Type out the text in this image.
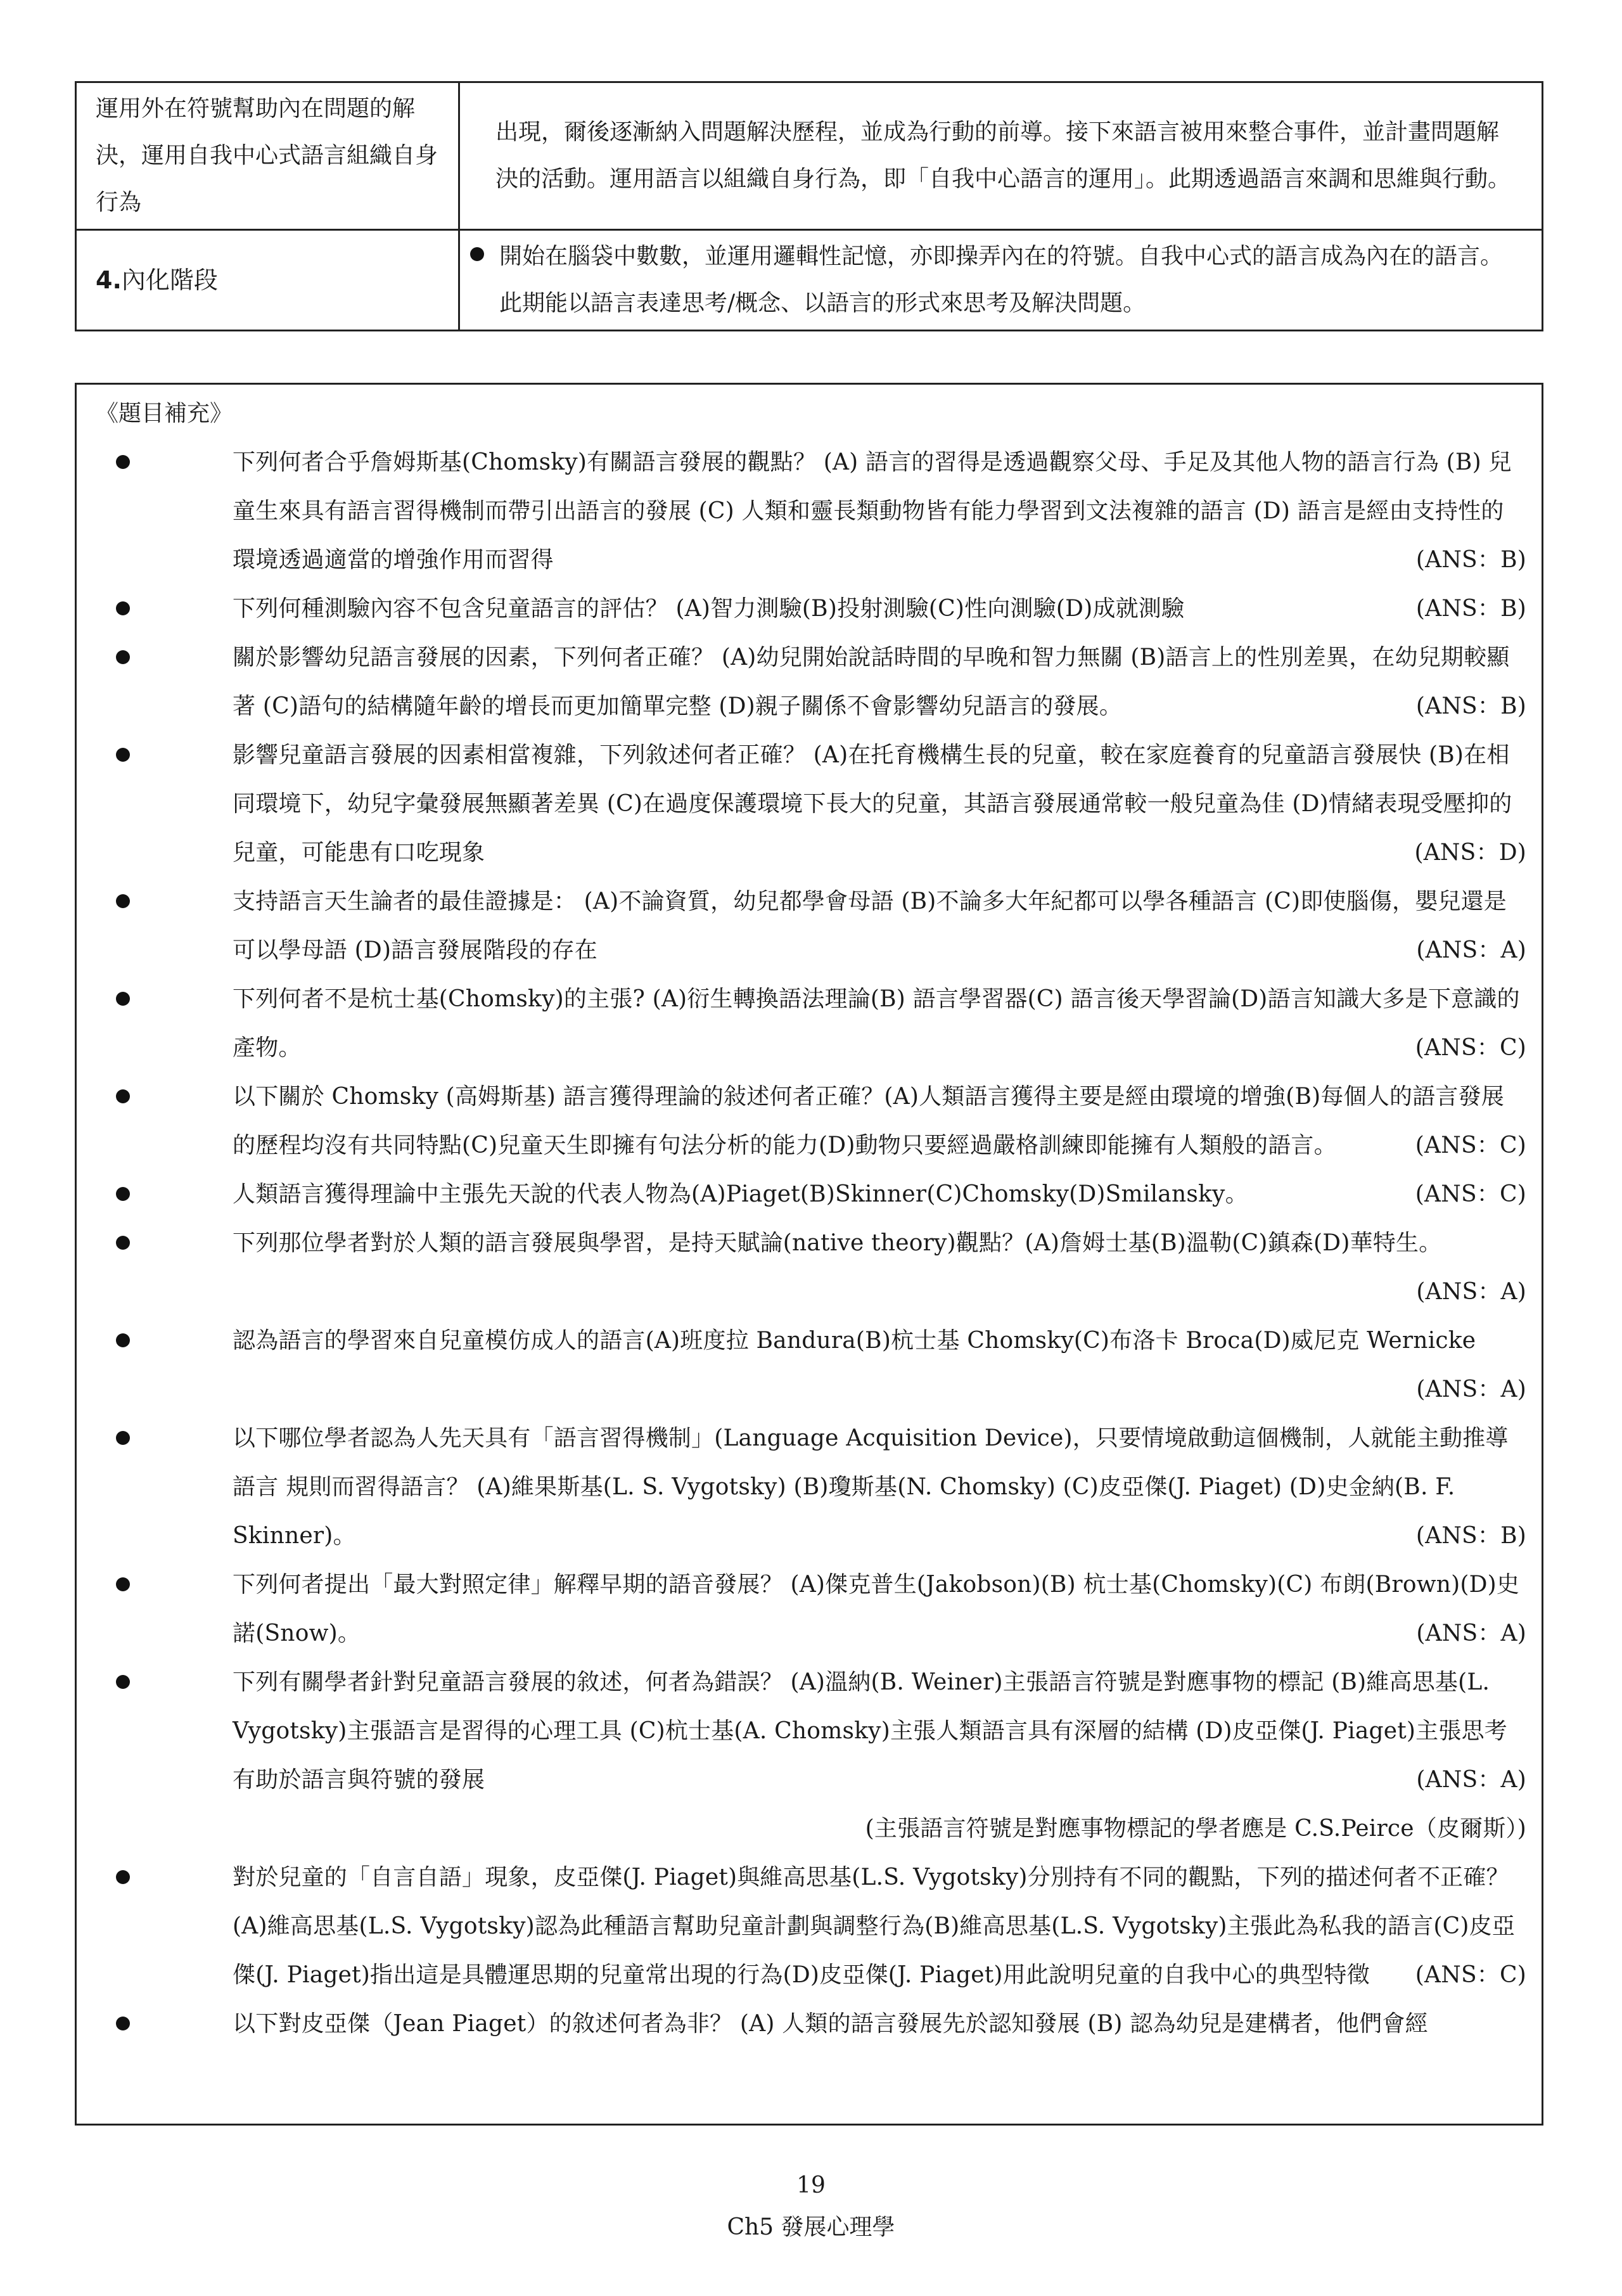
運用外在符號幫助內在問題的解決，運用自我中心式語言組織自身行為	出現，爾後逐漸納入問題解決歷程，並成為行動的前導。接下來語言被用來整合事件，並計畫問題解決的活動。運用語言以組織自身行為，即「自我中心語言的運用」。此期透過語言來調和思維與行動。
4.內化階段	開始在腦袋中數數，並運用邏輯性記憶，亦即操弄內在的符號。自我中心式的語言成為內在的語言。此期能以語言表達思考/概念、以語言的形式來思考及解決問題。
《題目補充》
下列何者合乎詹姆斯基(Chomsky)有關語言發展的觀點？ (A) 語言的習得是透過觀察父母、手足及其他人物的語言行為 (B) 兒童生來具有語言習得機制而帶引出語言的發展 (C) 人類和靈長類動物皆有能力學習到文法複雜的語言 (D) 語言是經由支持性的環境透過適當的增強作用而習得	(ANS：B)
下列何種測驗內容不包含兒童語言的評估？ (A)智力測驗(B)投射測驗(C)性向測驗(D)成就測驗	(ANS：B)
關於影響幼兒語言發展的因素，下列何者正確？ (A)幼兒開始說話時間的早晚和智力無關 (B)語言上的性別差異，在幼兒期較顯著 (C)語句的結構隨年齡的增長而更加簡單完整 (D)親子關係不會影響幼兒語言的發展。	(ANS：B)
影響兒童語言發展的因素相當複雜，下列敘述何者正確？ (A)在托育機構生長的兒童，較在家庭養育的兒童語言發展快 (B)在相同環境下，幼兒字彙發展無顯著差異 (C)在過度保護環境下長大的兒童，其語言發展通常較一般兒童為佳 (D)情緒表現受壓抑的兒童，可能患有口吃現象	(ANS：D)
支持語言天生論者的最佳證據是： (A)不論資質，幼兒都學會母語 (B)不論多大年紀都可以學各種語言 (C)即使腦傷，嬰兒還是可以學母語 (D)語言發展階段的存在	(ANS：A)
下列何者不是杭士基(Chomsky)的主張? (A)衍生轉換語法理論(B) 語言學習器(C) 語言後天學習論(D)語言知識大多是下意識的產物。	(ANS：C)
以下關於 Chomsky (高姆斯基) 語言獲得理論的敍述何者正確？(A)人類語言獲得主要是經由環境的增強(B)每個人的語言發展的歷程均沒有共同特點(C)兒童天生即擁有句法分析的能力(D)動物只要經過嚴格訓練即能擁有人類般的語言。	(ANS：C)
人類語言獲得理論中主張先天說的代表人物為(A)Piaget(B)Skinner(C)Chomsky(D)Smilansky。	(ANS：C)
下列那位學者對於人類的語言發展與學習，是持天賦論(native theory)觀點？(A)詹姆士基(B)溫勒(C)鎮森(D)華特生。
(ANS：A)
認為語言的學習來自兒童模仿成人的語言(A)班度拉 Bandura(B)杭士基 Chomsky(C)布洛卡 Broca(D)威尼克 Wernicke
(ANS：A)
以下哪位學者認為人先天具有「語言習得機制」(Language Acquisition Device)，只要情境啟動這個機制，人就能主動推導語言 規則而習得語言？ (A)維果斯基(L. S. Vygotsky) (B)瓊斯基(N. Chomsky) (C)皮亞傑(J. Piaget) (D)史金納(B. F. Skinner)。	(ANS：B)
下列何者提出「最大對照定律」解釋早期的語音發展？ (A)傑克普生(Jakobson)(B) 杭士基(Chomsky)(C) 布朗(Brown)(D)史諾(Snow)。	(ANS：A)
下列有關學者針對兒童語言發展的敘述，何者為錯誤？ (A)溫納(B. Weiner)主張語言符號是對應事物的標記 (B)維高思基(L. Vygotsky)主張語言是習得的心理工具 (C)杭士基(A. Chomsky)主張人類語言具有深層的結構 (D)皮亞傑(J. Piaget)主張思考有助於語言與符號的發展	(ANS：A)
(主張語言符號是對應事物標記的學者應是 C.S.Peirce（皮爾斯）)
對於兒童的「自言自語」現象，皮亞傑(J. Piaget)與維高思基(L.S. Vygotsky)分別持有不同的觀點，下列的描述何者不正確？(A)維高思基(L.S. Vygotsky)認為此種語言幫助兒童計劃與調整行為(B)維高思基(L.S. Vygotsky)主張此為私我的語言(C)皮亞傑(J. Piaget)指出這是具體運思期的兒童常出現的行為(D)皮亞傑(J. Piaget)用此說明兒童的自我中心的典型特徵 (ANS：C)
以下對皮亞傑（Jean Piaget）的敘述何者為非？ (A) 人類的語言發展先於認知發展 (B) 認為幼兒是建構者，他們會經
19
Ch5 發展心理學
